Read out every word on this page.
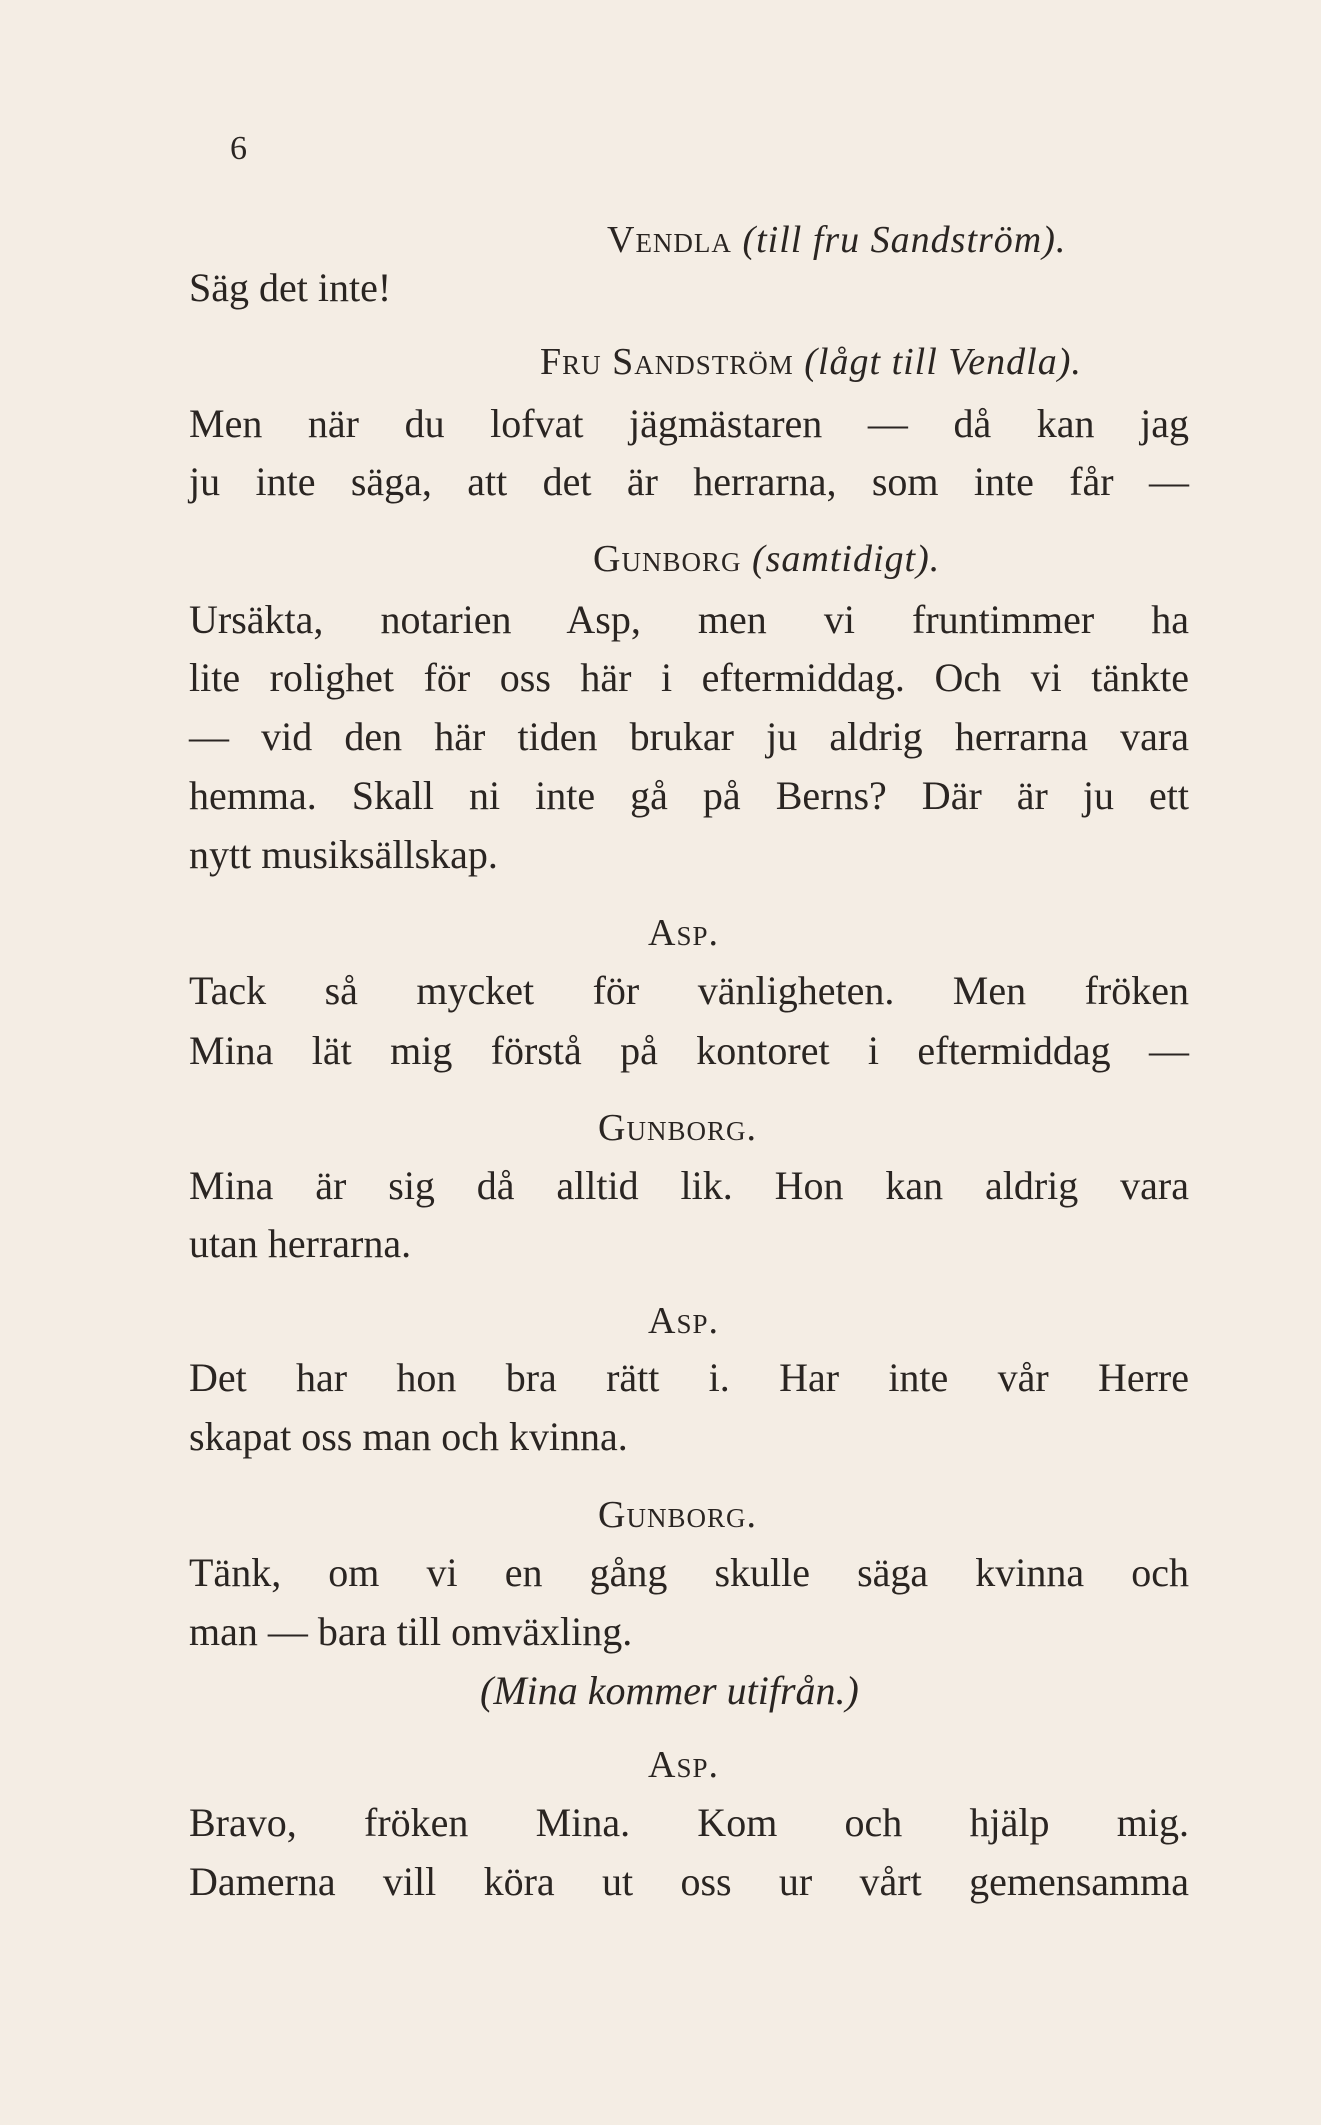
6
Vendla (till fru Sandström).
Säg det inte!
Fru Sandström (lågt till Vendla).
Men när du lofvat jägmästaren — då kan jag
ju inte säga, att det är herrarna, som inte får —
Gunborg (samtidigt).
Ursäkta, notarien Asp, men vi fruntimmer ha
lite rolighet för oss här i eftermiddag. Och vi tänkte
— vid den här tiden brukar ju aldrig herrarna vara
hemma. Skall ni inte gå på Berns? Där är ju ett
nytt musiksällskap.
Asp.
Tack så mycket för vänligheten. Men fröken
Mina lät mig förstå på kontoret i eftermiddag —
Gunborg.
Mina är sig då alltid lik. Hon kan aldrig vara
utan herrarna.
Asp.
Det har hon bra rätt i. Har inte vår Herre
skapat oss man och kvinna.
Gunborg.
Tänk, om vi en gång skulle säga kvinna och
man — bara till omväxling.
(Mina kommer utifrån.)
Asp.
Bravo, fröken Mina. Kom och hjälp mig.
Damerna vill köra ut oss ur vårt gemensamma
